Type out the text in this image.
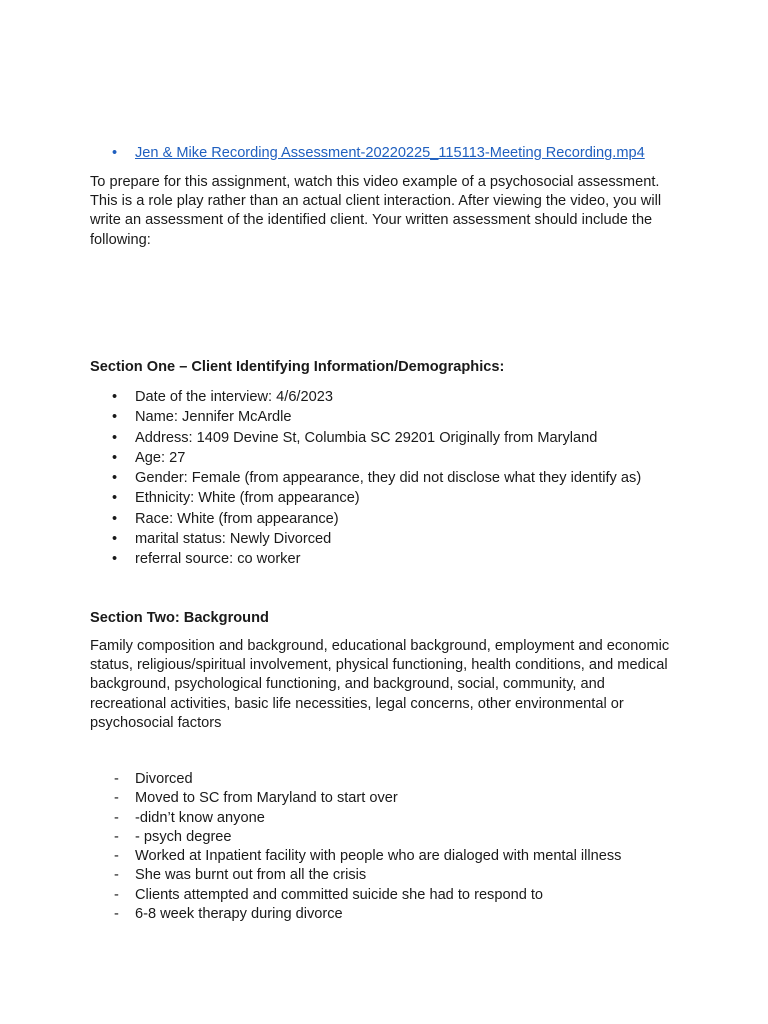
• Jen & Mike Recording Assessment-20220225_115113-Meeting Recording.mp4

To prepare for this assignment, watch this video example of a psychosocial assessment. This is a role play rather than an actual client interaction. After viewing the video, you will write an assessment of the identified client. Your written assessment should include the following:

Section One – Client Identifying Information/Demographics:
• Date of the interview: 4/6/2023
• Name: Jennifer McArdle
• Address: 1409 Devine St, Columbia SC 29201 Originally from Maryland
• Age: 27
• Gender: Female (from appearance, they did not disclose what they identify as)
• Ethnicity: White (from appearance)
• Race: White (from appearance)
• marital status: Newly Divorced
• referral source: co worker
Section Two: Background

Family composition and background, educational background, employment and economic status, religious/spiritual involvement, physical functioning, health conditions, and medical background, psychological functioning, and background, social, community, and recreational activities, basic life necessities, legal concerns, other environmental or psychosocial factors

- Divorced
- Moved to SC from Maryland to start over
- -didn’t know anyone
- - psych degree
- Worked at Inpatient facility with people who are dialoged with mental illness
- She was burnt out from all the crisis
- Clients attempted and committed suicide she had to respond to
- 6-8 week therapy during divorce
